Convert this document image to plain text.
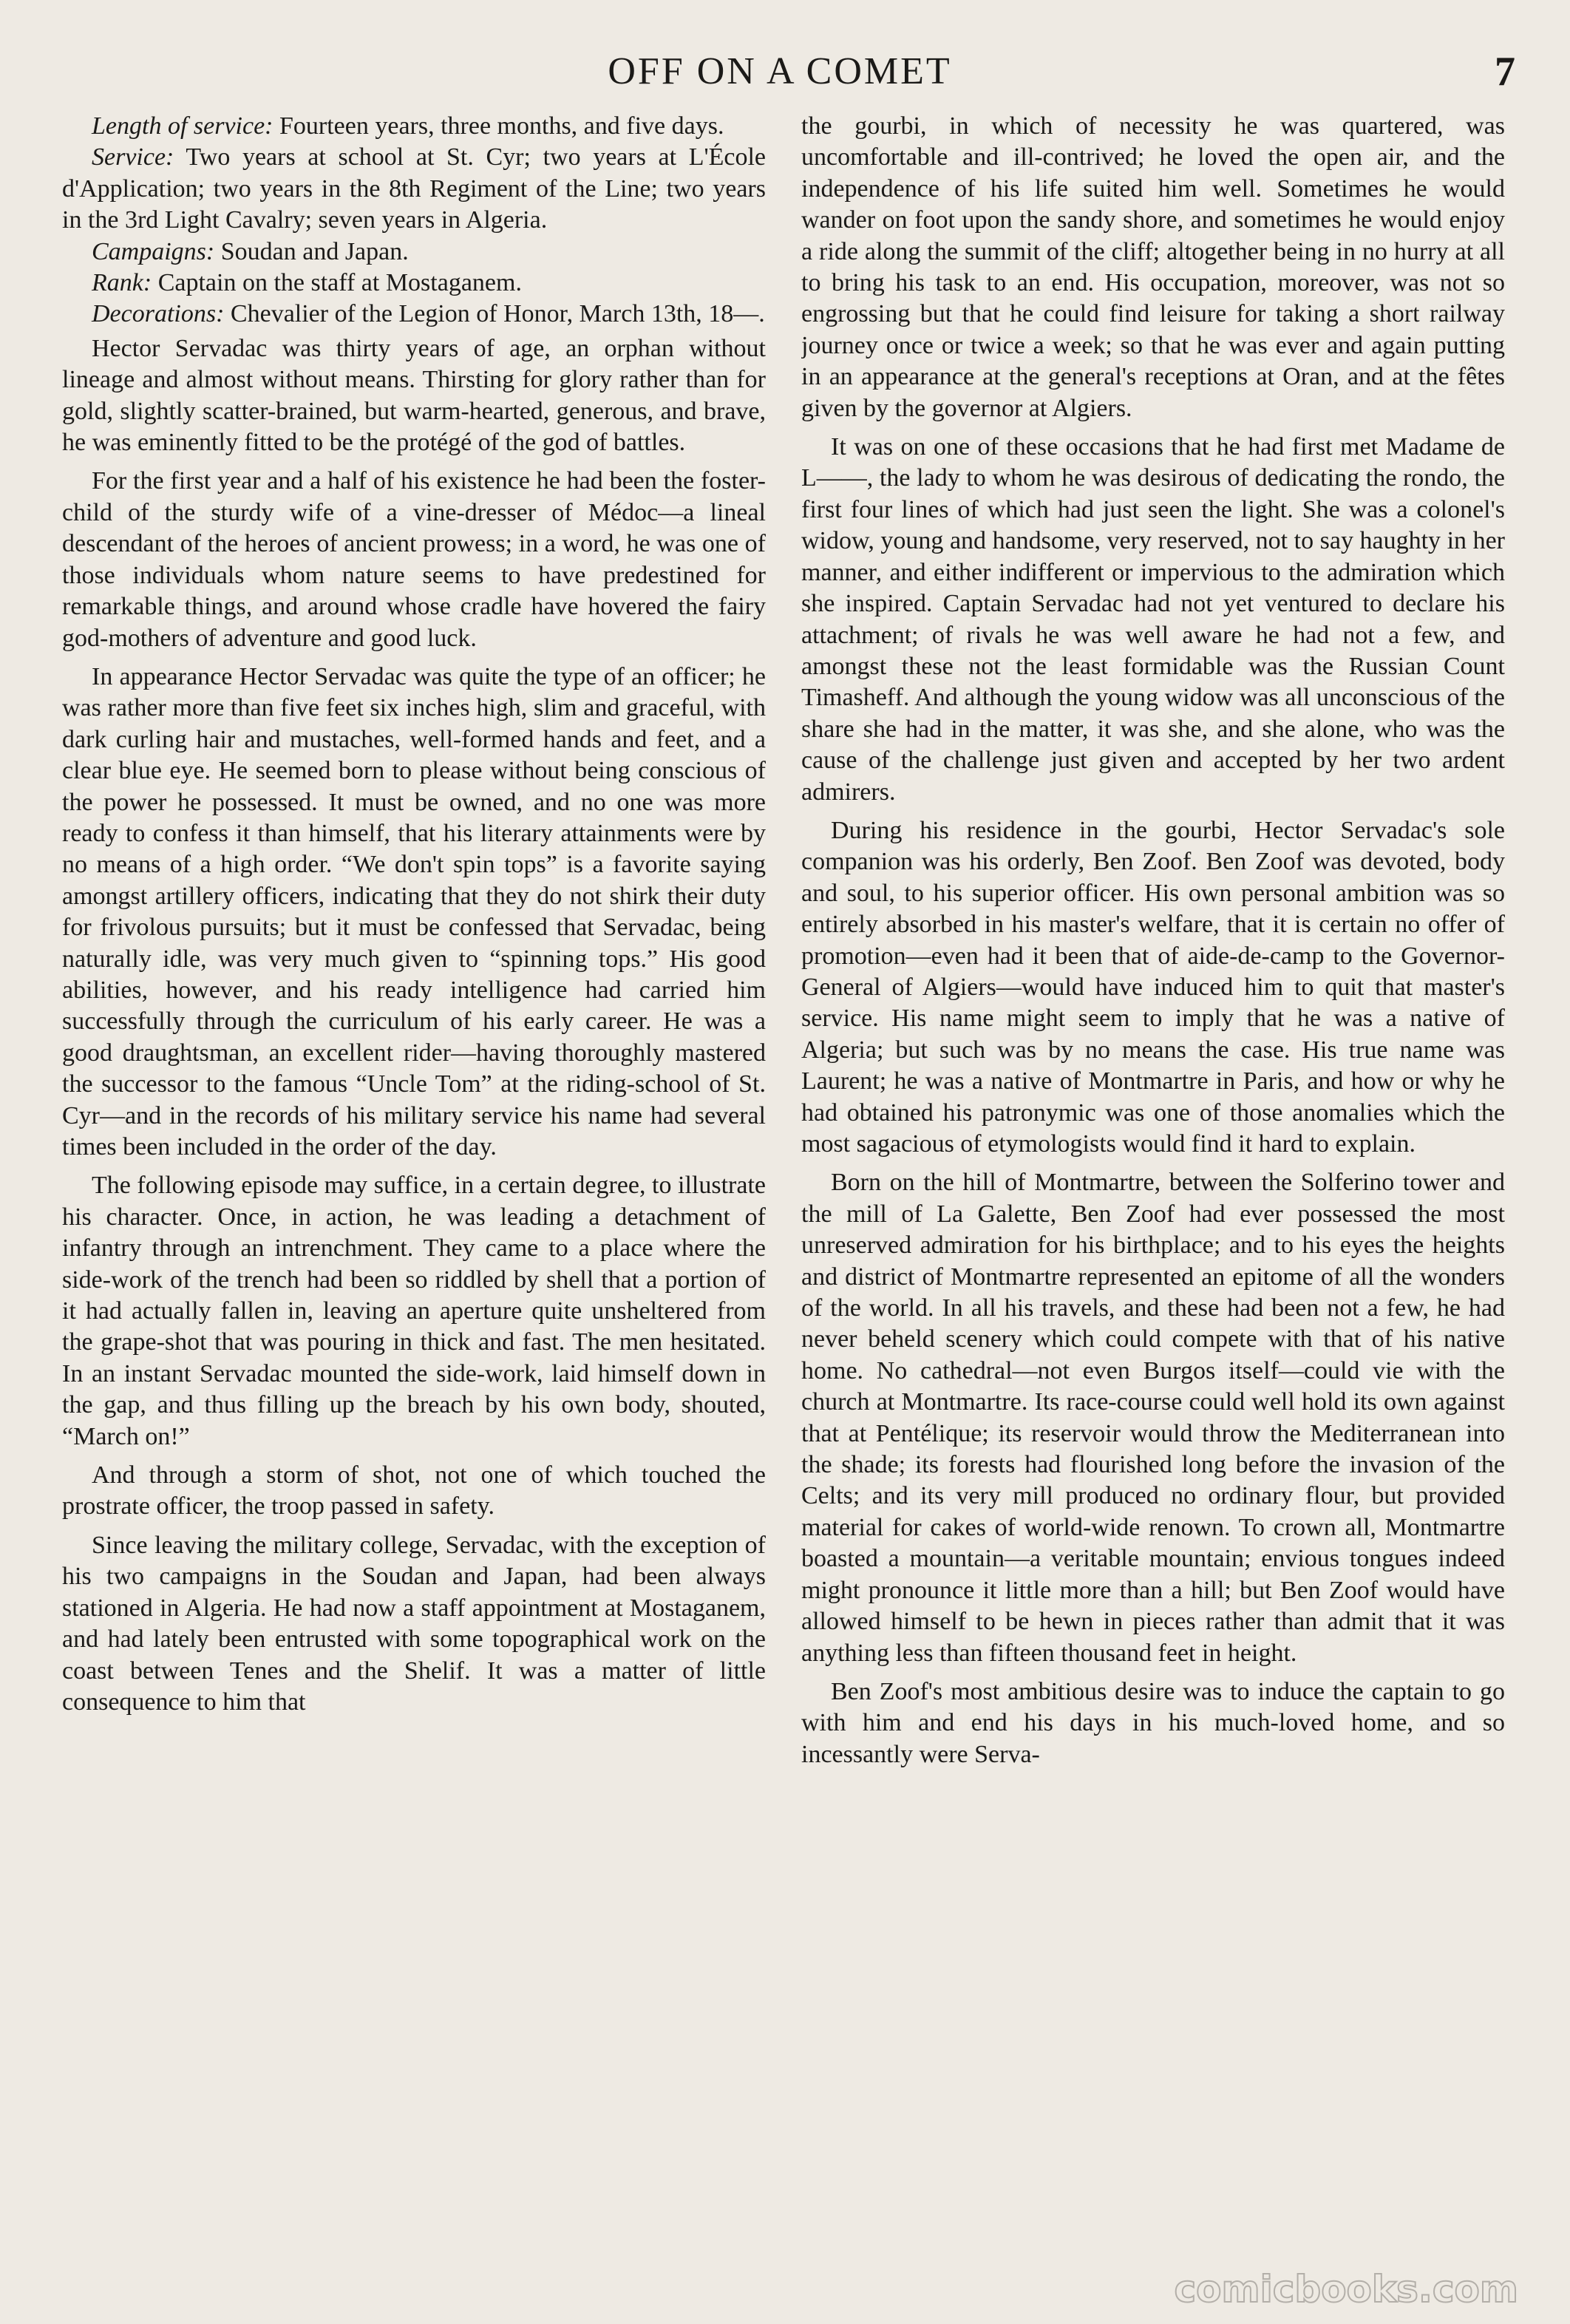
OFF ON A COMET	7

Length of service: Fourteen years, three months, and five days.

Service: Two years at school at St. Cyr; two years at L'École d'Application; two years in the 8th Regiment of the Line; two years in the 3rd Light Cavalry; seven years in Algeria.

Campaigns: Soudan and Japan.

Rank: Captain on the staff at Mostaganem.

Decorations: Chevalier of the Legion of Honor, March 13th, 18—.

Hector Servadac was thirty years of age, an orphan without lineage and almost without means. Thirsting for glory rather than for gold, slightly scatter-brained, but warm-hearted, generous, and brave, he was eminently fitted to be the protégé of the god of battles.

For the first year and a half of his existence he had been the foster-child of the sturdy wife of a vine-dresser of Médoc—a lineal descendant of the heroes of ancient prowess; in a word, he was one of those individuals whom nature seems to have predestined for remarkable things, and around whose cradle have hovered the fairy god-mothers of adventure and good luck.

In appearance Hector Servadac was quite the type of an officer; he was rather more than five feet six inches high, slim and graceful, with dark curling hair and mustaches, well-formed hands and feet, and a clear blue eye. He seemed born to please without being conscious of the power he possessed. It must be owned, and no one was more ready to confess it than himself, that his literary attainments were by no means of a high order. “We don't spin tops” is a favorite saying amongst artillery officers, indicating that they do not shirk their duty for frivolous pursuits; but it must be confessed that Servadac, being naturally idle, was very much given to “spinning tops.” His good abilities, however, and his ready intelligence had carried him successfully through the curriculum of his early career. He was a good draughtsman, an excellent rider—having thoroughly mastered the successor to the famous “Uncle Tom” at the riding-school of St. Cyr—and in the records of his military service his name had several times been included in the order of the day.

The following episode may suffice, in a certain degree, to illustrate his character. Once, in action, he was leading a detachment of infantry through an intrenchment. They came to a place where the side-work of the trench had been so riddled by shell that a portion of it had actually fallen in, leaving an aperture quite unsheltered from the grape-shot that was pouring in thick and fast. The men hesitated. In an instant Servadac mounted the side-work, laid himself down in the gap, and thus filling up the breach by his own body, shouted, “March on!”

And through a storm of shot, not one of which touched the prostrate officer, the troop passed in safety.

Since leaving the military college, Servadac, with the exception of his two campaigns in the Soudan and Japan, had been always stationed in Algeria. He had now a staff appointment at Mostaganem, and had lately been entrusted with some topographical work on the coast between Tenes and the Shelif. It was a matter of little consequence to him that

the gourbi, in which of necessity he was quartered, was uncomfortable and ill-contrived; he loved the open air, and the independence of his life suited him well. Sometimes he would wander on foot upon the sandy shore, and sometimes he would enjoy a ride along the summit of the cliff; altogether being in no hurry at all to bring his task to an end. His occupation, moreover, was not so engrossing but that he could find leisure for taking a short railway journey once or twice a week; so that he was ever and again putting in an appearance at the general's receptions at Oran, and at the fêtes given by the governor at Algiers.

It was on one of these occasions that he had first met Madame de L——, the lady to whom he was desirous of dedicating the rondo, the first four lines of which had just seen the light. She was a colonel's widow, young and handsome, very reserved, not to say haughty in her manner, and either indifferent or impervious to the admiration which she inspired. Captain Servadac had not yet ventured to declare his attachment; of rivals he was well aware he had not a few, and amongst these not the least formidable was the Russian Count Timasheff. And although the young widow was all unconscious of the share she had in the matter, it was she, and she alone, who was the cause of the challenge just given and accepted by her two ardent admirers.

During his residence in the gourbi, Hector Servadac's sole companion was his orderly, Ben Zoof. Ben Zoof was devoted, body and soul, to his superior officer. His own personal ambition was so entirely absorbed in his master's welfare, that it is certain no offer of promotion—even had it been that of aide-de-camp to the Governor-General of Algiers—would have induced him to quit that master's service. His name might seem to imply that he was a native of Algeria; but such was by no means the case. His true name was Laurent; he was a native of Montmartre in Paris, and how or why he had obtained his patronymic was one of those anomalies which the most sagacious of etymologists would find it hard to explain.

Born on the hill of Montmartre, between the Solferino tower and the mill of La Galette, Ben Zoof had ever possessed the most unreserved admiration for his birthplace; and to his eyes the heights and district of Montmartre represented an epitome of all the wonders of the world. In all his travels, and these had been not a few, he had never beheld scenery which could compete with that of his native home. No cathedral—not even Burgos itself—could vie with the church at Montmartre. Its race-course could well hold its own against that at Pentélique; its reservoir would throw the Mediterranean into the shade; its forests had flourished long before the invasion of the Celts; and its very mill produced no ordinary flour, but provided material for cakes of world-wide renown. To crown all, Montmartre boasted a mountain—a veritable mountain; envious tongues indeed might pronounce it little more than a hill; but Ben Zoof would have allowed himself to be hewn in pieces rather than admit that it was anything less than fifteen thousand feet in height.

Ben Zoof's most ambitious desire was to induce the captain to go with him and end his days in his much-loved home, and so incessantly were Serva-

comicbooks.com
